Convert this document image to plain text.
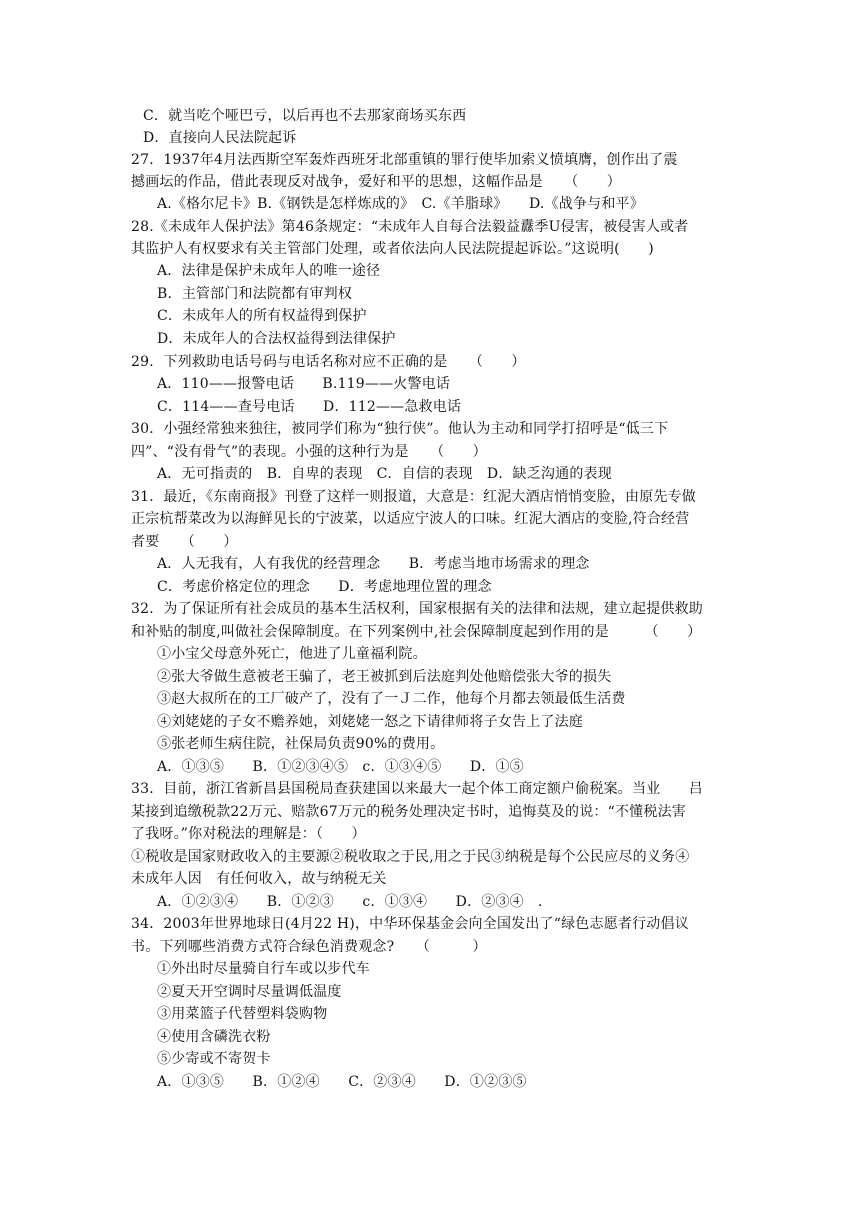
C．就当吃个哑巴亏，以后再也不去那家商场买东西
D．直接向人民法院起诉
27．1937年4月法西斯空军轰炸西班牙北部重镇的罪行使毕加索义愤填膺，创作出了震
撼画坛的作品，借此表现反对战争，爱好和平的思想，这幅作品是　　（　　）
A.《格尔尼卡》B.《钢铁是怎样炼成的》　C.《羊脂球》　　D.《战争与和平》
28.《未成年人保护法》第46条规定：“未成年人自每合法毅益纛季U侵害，被侵害人或者
其监护人有权要求有关主管部门处理，或者依法向人民法院提起诉讼。”这说明(　　)
A．法律是保护未成年人的唯一途径
B．主管部门和法院都有审判权
C．未成年人的所有权益得到保护
D．未成年人的合法权益得到法律保护
29．下列救助电话号码与电话名称对应不正确的是　　（　　）
A．110——报警电话　　B.119——火警电话
C．114——查号电话　　D．112——急救电话
30．小强经常独来独往，被同学们称为“独行侠”。他认为主动和同学打招呼是“低三下
四”、“没有骨气”的表现。小强的这种行为是　　（　　）
A．无可指责的　B．自卑的表现　C．自信的表现　D．缺乏沟通的表现
31．最近，《东南商报》刊登了这样一则报道，大意是：红泥大酒店悄悄变脸，由原先专做
正宗杭帮菜改为以海鲜见长的宁波菜，以适应宁波人的口味。红泥大酒店的变脸,符合经营
者要　　（　　）
A．人无我有，人有我优的经营理念　　B．考虑当地市场需求的理念
C．考虑价格定位的理念　　D．考虑地理位置的理念
32．为了保证所有社会成员的基本生活权利，国家根据有关的法律和法规，建立起提供救助
和补贴的制度,叫做社会保障制度。在下列案例中,社会保障制度起到作用的是　　　（　　）
①小宝父母意外死亡，他进了儿童福利院。
②张大爷做生意被老王骗了，老王被抓到后法庭判处他赔偿张大爷的损失
③赵大叔所在的工厂破产了，没有了一Ｊ二作，他每个月都去领最低生活费
④刘姥姥的子女不赡养她，刘姥姥一怒之下请律师将子女告上了法庭
⑤张老师生病住院，社保局负责90%的费用。
A．①③⑤　　B．①②③④⑤　c．①③④⑤　　D．①⑤
33．目前，浙江省新昌县国税局查获建国以来最大一起个体工商定额户偷税案。当业　　吕
某接到追缴税款22万元、赔款67万元的税务处理决定书时，追悔莫及的说：“不懂税法害
了我呀。”你对税法的理解是：（　　）
①税收是国家财政收入的主要源②税收取之于民,用之于民③纳税是每个公民应尽的义务④
未成年人因　有任何收入，故与纳税无关
A．①②③④　　B．①②③　　c．①③④　　D．②③④　．
34．2003年世界地球日(4月22 H)，中华环保基金会向全国发出了“绿色志愿者行动倡议
书。下列哪些消费方式符合绿色消费观念?　　（　　　）
①外出时尽量骑自行车或以步代车
②夏天开空调时尽量调低温度
③用菜篮子代替塑料袋购物
④使用含磷洗衣粉
⑤少寄或不寄贺卡
A．①③⑤　　B．①②④　　C．②③④　　D．①②③⑤
